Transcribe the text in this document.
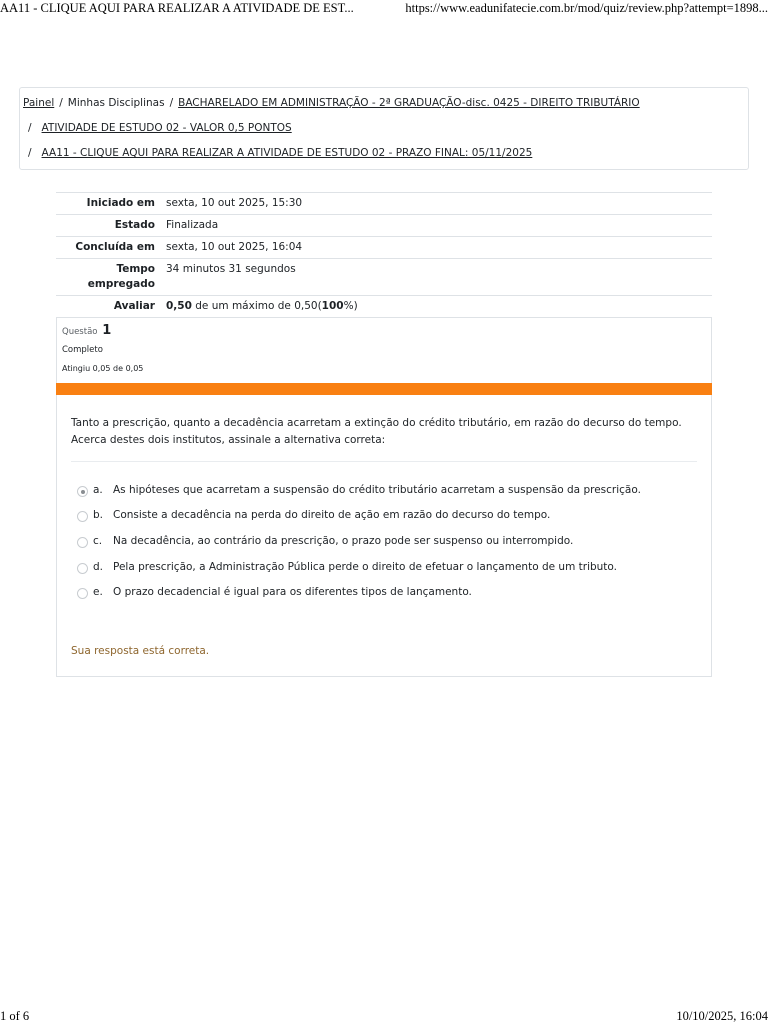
AA11 - CLIQUE AQUI PARA REALIZAR A ATIVIDADE DE EST...	https://www.eadunifatecie.com.br/mod/quiz/review.php?attempt=1898...
Painel / Minhas Disciplinas / BACHARELADO EM ADMINISTRAÇÃO - 2ª GRADUAÇÃO-disc. 0425 - DIREITO TRIBUTÁRIO
/ ATIVIDADE DE ESTUDO 02 - VALOR 0,5 PONTOS
/ AA11 - CLIQUE AQUI PARA REALIZAR A ATIVIDADE DE ESTUDO 02 - PRAZO FINAL: 05/11/2025
Iniciado em	sexta, 10 out 2025, 15:30
Estado	Finalizada
Concluída em	sexta, 10 out 2025, 16:04
Tempo empregado	34 minutos 31 segundos
Avaliar	0,50 de um máximo de 0,50(100%)
Questão 1
Completo
Atingiu 0,05 de 0,05
Tanto a prescrição, quanto a decadência acarretam a extinção do crédito tributário, em razão do decurso do tempo. Acerca destes dois institutos, assinale a alternativa correta:
a. As hipóteses que acarretam a suspensão do crédito tributário acarretam a suspensão da prescrição.
b. Consiste a decadência na perda do direito de ação em razão do decurso do tempo.
c. Na decadência, ao contrário da prescrição, o prazo pode ser suspenso ou interrompido.
d. Pela prescrição, a Administração Pública perde o direito de efetuar o lançamento de um tributo.
e. O prazo decadencial é igual para os diferentes tipos de lançamento.
Sua resposta está correta.
1 of 6	10/10/2025, 16:04
